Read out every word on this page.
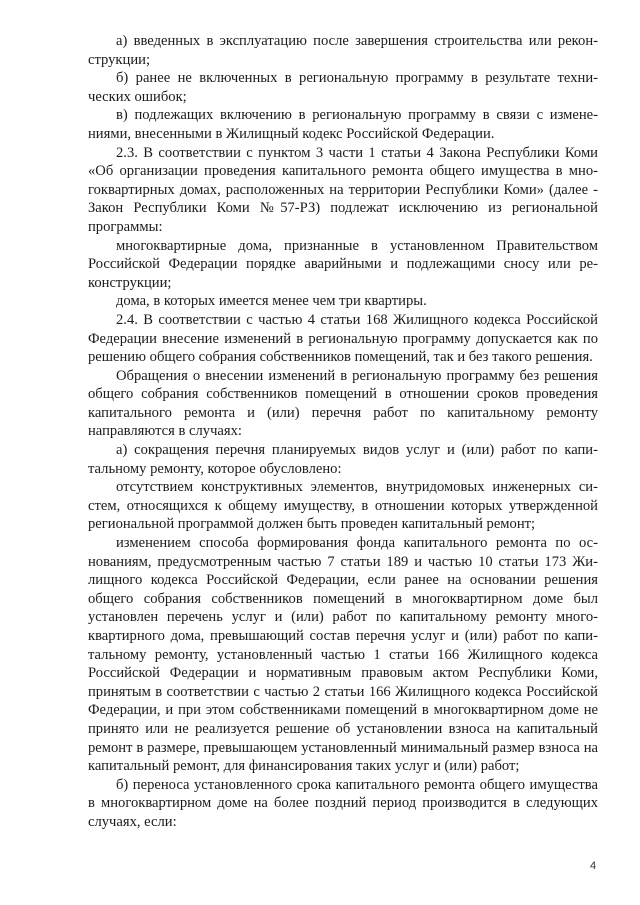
а) введенных в эксплуатацию после завершения строительства или реконструкции;

б) ранее не включенных в региональную программу в результате технических ошибок;

в) подлежащих включению в региональную программу в связи с изменениями, внесенными в Жилищный кодекс Российской Федерации.

2.3. В соответствии с пунктом 3 части 1 статьи 4 Закона Республики Коми «Об организации проведения капитального ремонта общего имущества в многоквартирных домах, расположенных на территории Республики Коми» (далее - Закон Республики Коми №57-РЗ) подлежат исключению из региональной программы:

многоквартирные дома, признанные в установленном Правительством Российской Федерации порядке аварийными и подлежащими сносу или реконструкции;

дома, в которых имеется менее чем три квартиры.

2.4. В соответствии с частью 4 статьи 168 Жилищного кодекса Российской Федерации внесение изменений в региональную программу допускается как по решению общего собрания собственников помещений, так и без такого решения.

Обращения о внесении изменений в региональную программу без решения общего собрания собственников помещений в отношении сроков проведения капитального ремонта и (или) перечня работ по капитальному ремонту направляются в случаях:

а) сокращения перечня планируемых видов услуг и (или) работ по капитальному ремонту, которое обусловлено:

отсутствием конструктивных элементов, внутридомовых инженерных систем, относящихся к общему имуществу, в отношении которых утвержденной региональной программой должен быть проведен капитальный ремонт;

изменением способа формирования фонда капитального ремонта по основаниям, предусмотренным частью 7 статьи 189 и частью 10 статьи 173 Жилищного кодекса Российской Федерации, если ранее на основании решения общего собрания собственников помещений в многоквартирном доме был установлен перечень услуг и (или) работ по капитальному ремонту многоквартирного дома, превышающий состав перечня услуг и (или) работ по капитальному ремонту, установленный частью 1 статьи 166 Жилищного кодекса Российской Федерации и нормативным правовым актом Республики Коми, принятым в соответствии с частью 2 статьи 166 Жилищного кодекса Российской Федерации, и при этом собственниками помещений в многоквартирном доме не принято или не реализуется решение об установлении взноса на капитальный ремонт в размере, превышающем установленный минимальный размер взноса на капитальный ремонт, для финансирования таких услуг и (или) работ;

б) переноса установленного срока капитального ремонта общего имущества в многоквартирном доме на более поздний период производится в следующих случаях, если:

4
